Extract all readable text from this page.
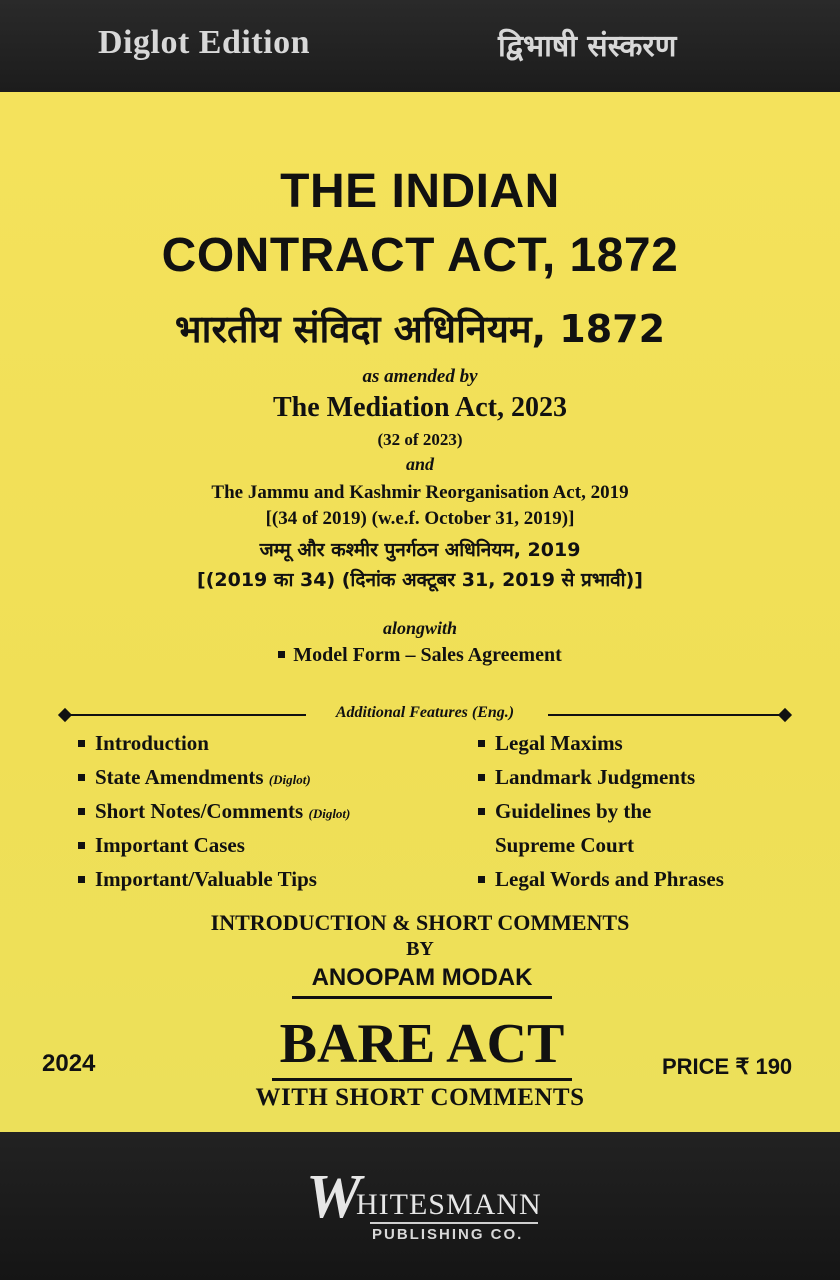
Diglot Edition	द्विभाषी संस्करण
THE INDIAN
CONTRACT ACT, 1872
भारतीय संविदा अधिनियम, 1872
as amended by
The Mediation Act, 2023
(32 of 2023)
and
The Jammu and Kashmir Reorganisation Act, 2019
[(34 of 2019) (w.e.f. October 31, 2019)]
जम्मू और कश्मीर पुनर्गठन अधिनियम, 2019
[(2019 का 34) (दिनांक अक्टूबर 31, 2019 से प्रभावी)]
alongwith
Model Form – Sales Agreement
Additional Features (Eng.)
Introduction
State Amendments (Diglot)
Short Notes/Comments (Diglot)
Important Cases
Important/Valuable Tips
Legal Maxims
Landmark Judgments
Guidelines by the
Supreme Court
Legal Words and Phrases
INTRODUCTION & SHORT COMMENTS
BY
ANOOPAM MODAK
2024	BARE ACT	PRICE ₹ 190
WITH SHORT COMMENTS
W
HITESMANN
PUBLISHING CO.
